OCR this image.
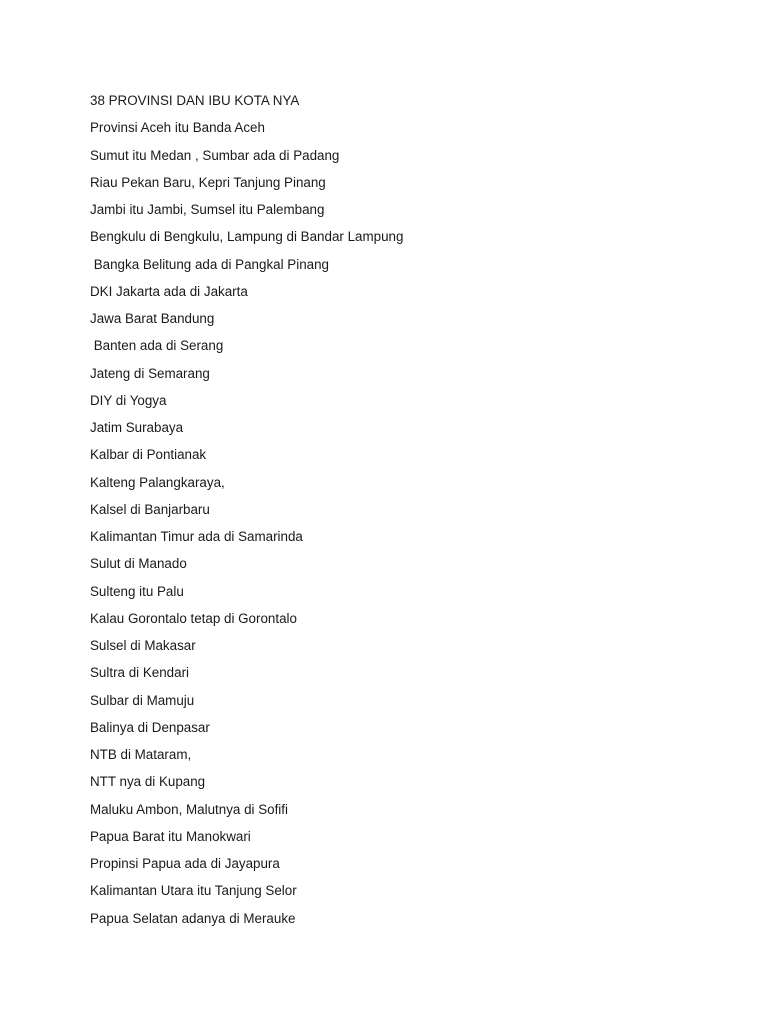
38 PROVINSI DAN IBU KOTA NYA
Provinsi Aceh itu Banda Aceh
Sumut itu Medan , Sumbar ada di Padang
Riau Pekan Baru, Kepri Tanjung Pinang
Jambi itu Jambi, Sumsel itu Palembang
Bengkulu di Bengkulu, Lampung di Bandar Lampung
Bangka Belitung ada di Pangkal Pinang
DKI Jakarta ada di Jakarta
Jawa Barat Bandung
Banten ada di Serang
Jateng di Semarang
DIY di Yogya
Jatim Surabaya
Kalbar di Pontianak
Kalteng Palangkaraya,
Kalsel di Banjarbaru
Kalimantan Timur ada di Samarinda
Sulut di Manado
Sulteng itu Palu
Kalau Gorontalo tetap di Gorontalo
Sulsel di Makasar
Sultra di Kendari
Sulbar di Mamuju
Balinya di Denpasar
NTB di Mataram,
NTT nya di Kupang
Maluku Ambon, Malutnya di Sofifi
Papua Barat itu Manokwari
Propinsi Papua ada di Jayapura
Kalimantan Utara itu Tanjung Selor
Papua Selatan adanya di Merauke
